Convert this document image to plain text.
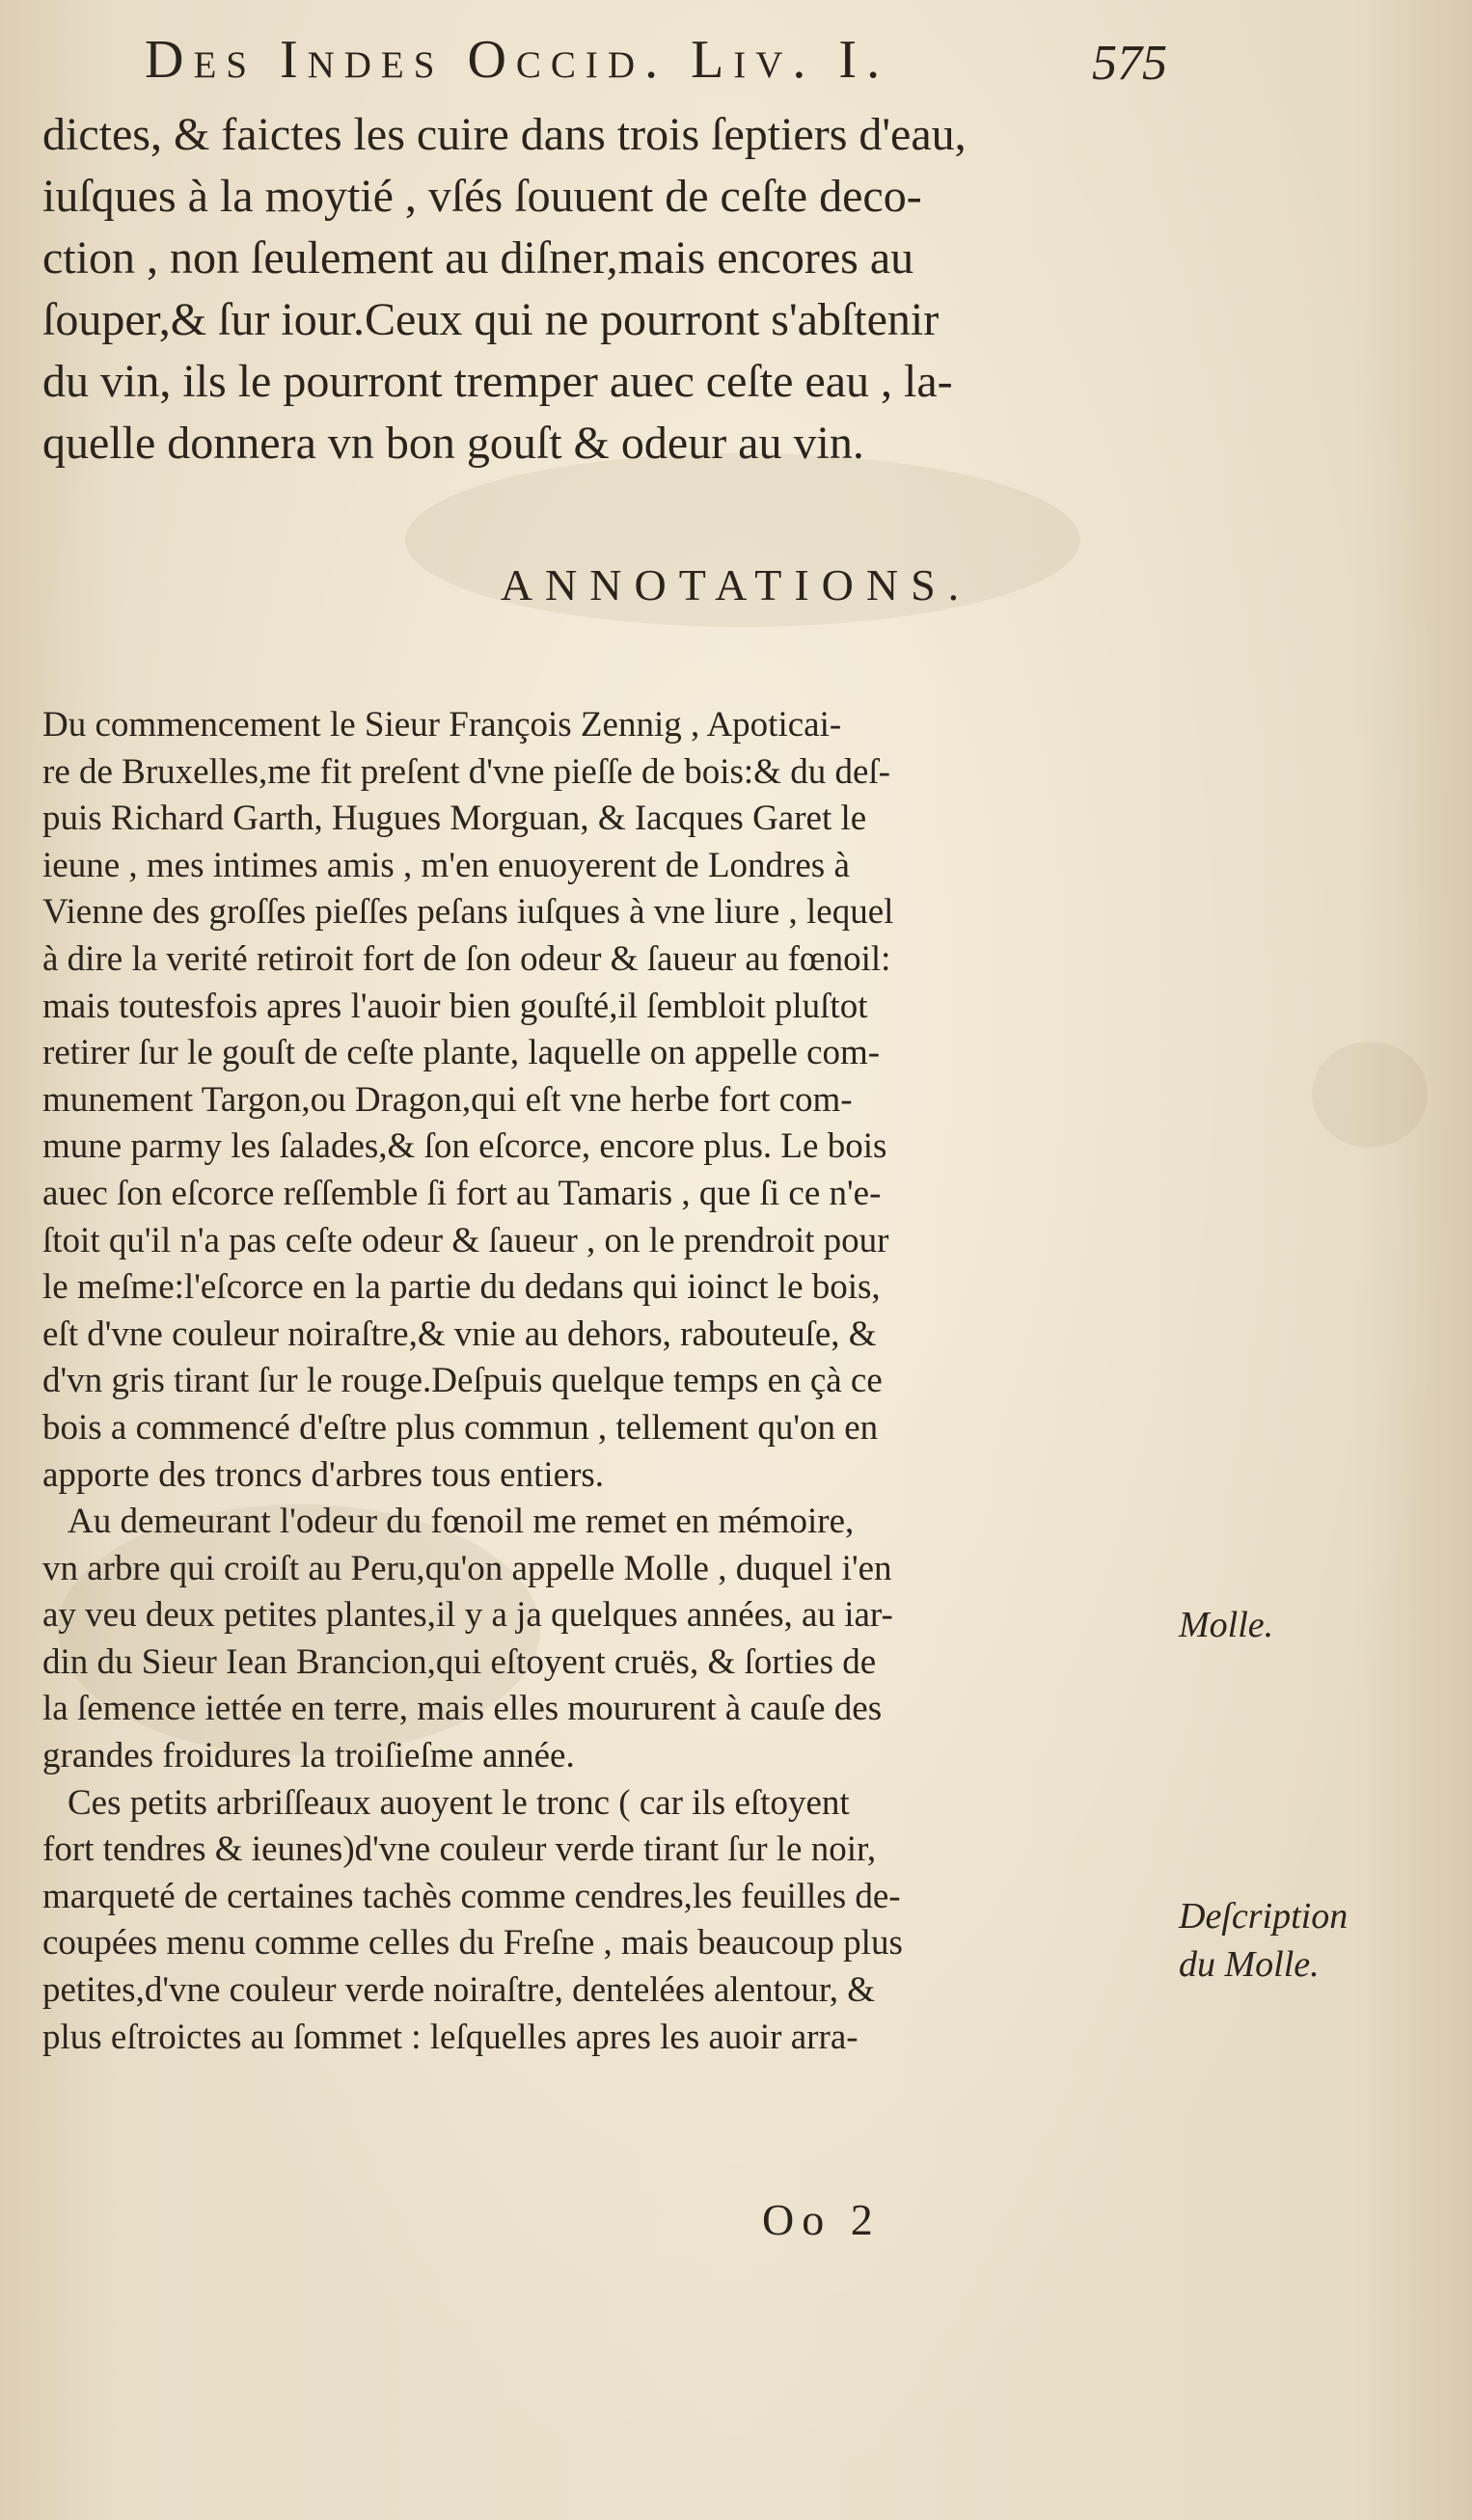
Des Indes Occid. Liv. I.	575
dictes, & faictes les cuire dans trois ſeptiers d'eau,
iuſques à la moytié , vſés ſouuent de ceſte deco-
ction , non ſeulement au diſner,mais encores au
ſouper,& ſur iour.Ceux qui ne pourront s'abſtenir
du vin, ils le pourront tremper auec ceſte eau , la-
quelle donnera vn bon gouſt & odeur au vin.
ANNOTATIONS.
Du commencement le Sieur François Zennig , Apoticai-
re de Bruxelles,me fit preſent d'vne pieſſe de bois:& du deſ-
puis Richard Garth, Hugues Morguan, & Iacques Garet le
ieune , mes intimes amis , m'en enuoyerent de Londres à
Vienne des groſſes pieſſes peſans iuſques à vne liure , lequel
à dire la verité retiroit fort de ſon odeur & ſaueur au fœnoil:
mais toutesfois apres l'auoir bien gouſté,il ſembloit pluſtot
retirer ſur le gouſt de ceſte plante, laquelle on appelle com-
munement Targon,ou Dragon,qui eſt vne herbe fort com-
mune parmy les ſalades,& ſon eſcorce, encore plus. Le bois
auec ſon eſcorce reſſemble ſi fort au Tamaris , que ſi ce n'e-
ſtoit qu'il n'a pas ceſte odeur & ſaueur , on le prendroit pour
le meſme:l'eſcorce en la partie du dedans qui ioinct le bois,
eſt d'vne couleur noiraſtre,& vnie au dehors, rabouteuſe, &
d'vn gris tirant ſur le rouge.Deſpuis quelque temps en çà ce
bois a commencé d'eſtre plus commun , tellement qu'on en
apporte des troncs d'arbres tous entiers.
Au demeurant l'odeur du fœnoil me remet en mémoire,
vn arbre qui croiſt au Peru,qu'on appelle Molle , duquel i'en
ay veu deux petites plantes,il y a ja quelques années, au iar-
din du Sieur Iean Brancion,qui eſtoyent cruës, & ſorties de
la ſemence iettée en terre, mais elles moururent à cauſe des
grandes froidures la troiſieſme année.
Ces petits arbriſſeaux auoyent le tronc ( car ils eſtoyent
fort tendres & ieunes)d'vne couleur verde tirant ſur le noir,
marqueté de certaines tachès comme cendres,les feuilles de-
coupées menu comme celles du Freſne , mais beaucoup plus
petites,d'vne couleur verde noiraſtre, dentelées alentour, &
plus eſtroictes au ſommet : leſquelles apres les auoir arra-
Molle.
Deſcription
du Molle.
Oo 2
